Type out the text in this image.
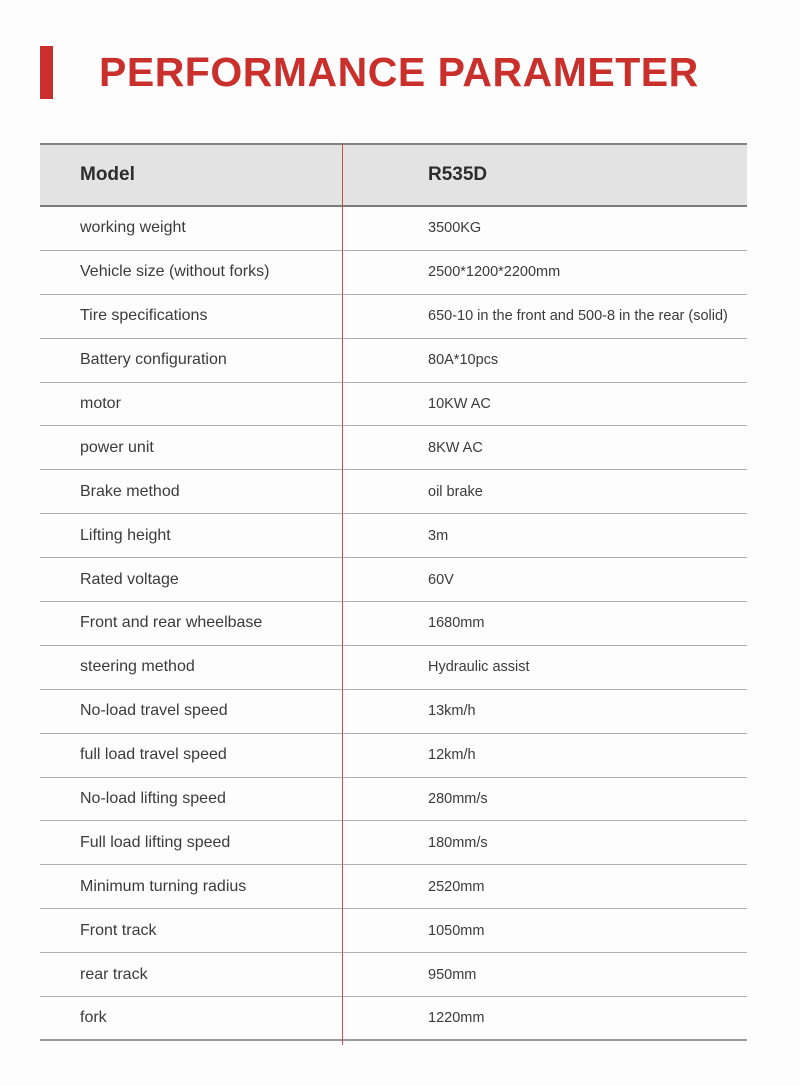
PERFORMANCE PARAMETER
Model	R535D
working weight	3500KG
Vehicle size (without forks)	2500*1200*2200mm
Tire specifications	650-10 in the front and 500-8 in the rear (solid)
Battery configuration	80A*10pcs
motor	10KW AC
power unit	8KW AC
Brake method	oil brake
Lifting height	3m
Rated voltage	60V
Front and rear wheelbase	1680mm
steering method	Hydraulic assist
No-load travel speed	13km/h
full load travel speed	12km/h
No-load lifting speed	280mm/s
Full load lifting speed	180mm/s
Minimum turning radius	2520mm
Front track	1050mm
rear track	950mm
fork	1220mm
